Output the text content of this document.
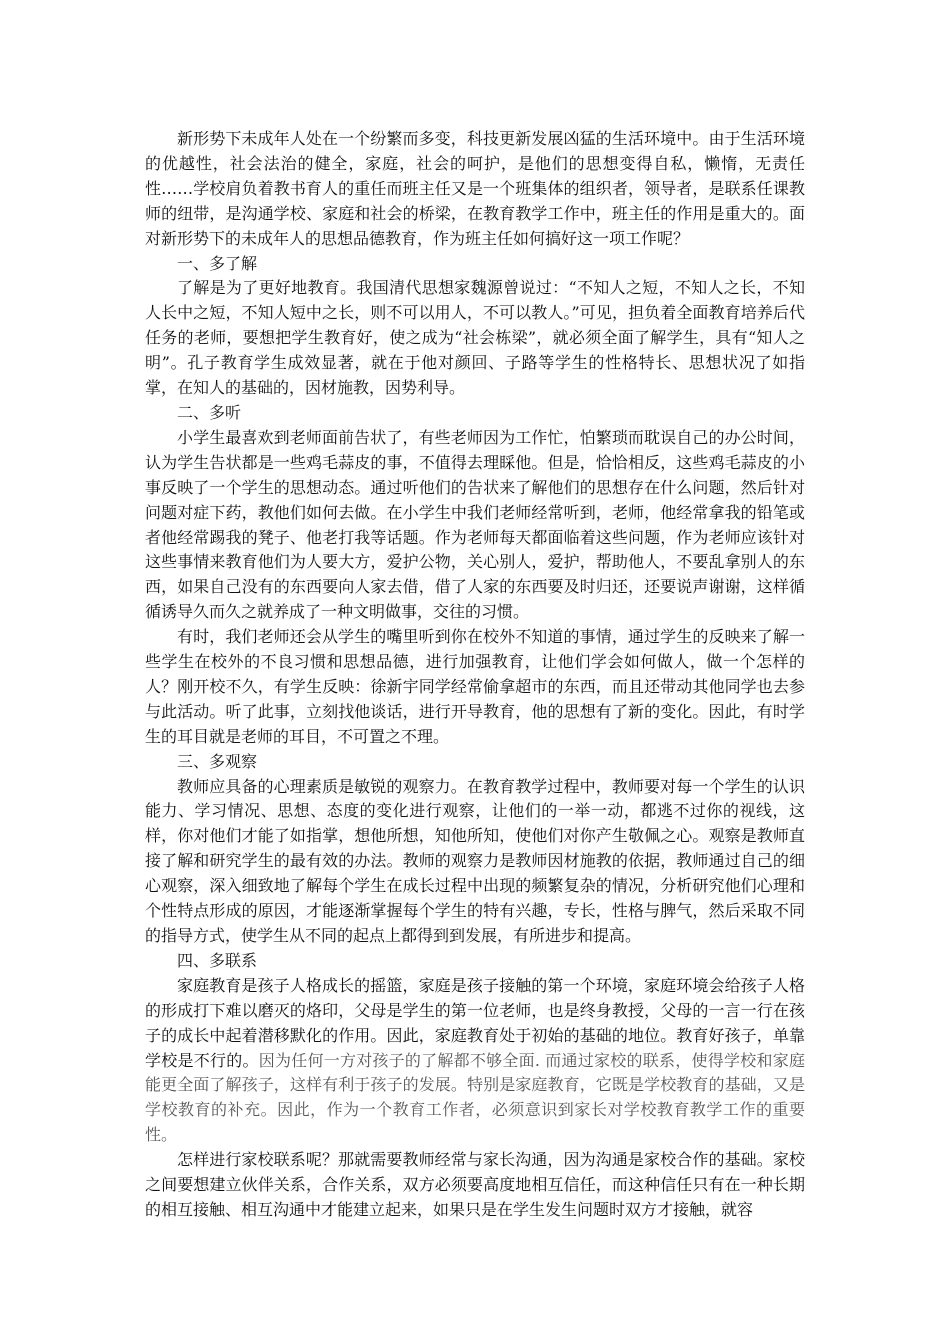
新形势下未成年人处在一个纷繁而多变，科技更新发展凶猛的生活环境中。由于生活环境的优越性，社会法治的健全，家庭，社会的呵护，是他们的思想变得自私，懒惰，无责任性……学校肩负着教书育人的重任而班主任又是一个班集体的组织者，领导者，是联系任课教师的纽带，是沟通学校、家庭和社会的桥梁，在教育教学工作中，班主任的作用是重大的。面对新形势下的未成年人的思想品德教育，作为班主任如何搞好这一项工作呢？

一、多了解

了解是为了更好地教育。我国清代思想家魏源曾说过：“不知人之短，不知人之长，不知人长中之短，不知人短中之长，则不可以用人，不可以教人。”可见，担负着全面教育培养后代任务的老师，要想把学生教育好，使之成为“社会栋梁”，就必须全面了解学生，具有“知人之明”。孔子教育学生成效显著，就在于他对颜回、子路等学生的性格特长、思想状况了如指掌，在知人的基础的，因材施教，因势利导。

二、多听

小学生最喜欢到老师面前告状了，有些老师因为工作忙，怕繁琐而耽误自己的办公时间，认为学生告状都是一些鸡毛蒜皮的事，不值得去理睬他。但是，恰恰相反，这些鸡毛蒜皮的小事反映了一个学生的思想动态。通过听他们的告状来了解他们的思想存在什么问题，然后针对问题对症下药，教他们如何去做。在小学生中我们老师经常听到，老师，他经常拿我的铅笔或者他经常踢我的凳子、他老打我等话题。作为老师每天都面临着这些问题，作为老师应该针对这些事情来教育他们为人要大方，爱护公物，关心别人，爱护，帮助他人，不要乱拿别人的东西，如果自己没有的东西要向人家去借，借了人家的东西要及时归还，还要说声谢谢，这样循循诱导久而久之就养成了一种文明做事，交往的习惯。

有时，我们老师还会从学生的嘴里听到你在校外不知道的事情，通过学生的反映来了解一些学生在校外的不良习惯和思想品德，进行加强教育，让他们学会如何做人，做一个怎样的人？刚开校不久，有学生反映：徐新宇同学经常偷拿超市的东西，而且还带动其他同学也去参与此活动。听了此事，立刻找他谈话，进行开导教育，他的思想有了新的变化。因此，有时学生的耳目就是老师的耳目，不可置之不理。

三、多观察

教师应具备的心理素质是敏锐的观察力。在教育教学过程中，教师要对每一个学生的认识能力、学习情况、思想、态度的变化进行观察，让他们的一举一动，都逃不过你的视线，这样，你对他们才能了如指掌，想他所想，知他所知，使他们对你产生敬佩之心。观察是教师直接了解和研究学生的最有效的办法。教师的观察力是教师因材施教的依据，教师通过自己的细心观察，深入细致地了解每个学生在成长过程中出现的频繁复杂的情况，分析研究他们心理和个性特点形成的原因，才能逐渐掌握每个学生的特有兴趣，专长，性格与脾气，然后采取不同的指导方式，使学生从不同的起点上都得到到发展，有所进步和提高。

四、多联系

家庭教育是孩子人格成长的摇篮，家庭是孩子接触的第一个环境，家庭环境会给孩子人格的形成打下难以磨灭的烙印，父母是学生的第一位老师，也是终身教授，父母的一言一行在孩子的成长中起着潜移默化的作用。因此，家庭教育处于初始的基础的地位。教育好孩子，单靠学校是不行的。因为任何一方对孩子的了解都不够全面. 而通过家校的联系，使得学校和家庭能更全面了解孩子，这样有利于孩子的发展。特别是家庭教育，它既是学校教育的基础，又是学校教育的补充。因此，作为一个教育工作者，必须意识到家长对学校教育教学工作的重要性。

怎样进行家校联系呢？那就需要教师经常与家长沟通，因为沟通是家校合作的基础。家校之间要想建立伙伴关系，合作关系，双方必须要高度地相互信任，而这种信任只有在一种长期的相互接触、相互沟通中才能建立起来，如果只是在学生发生问题时双方才接触，就容
